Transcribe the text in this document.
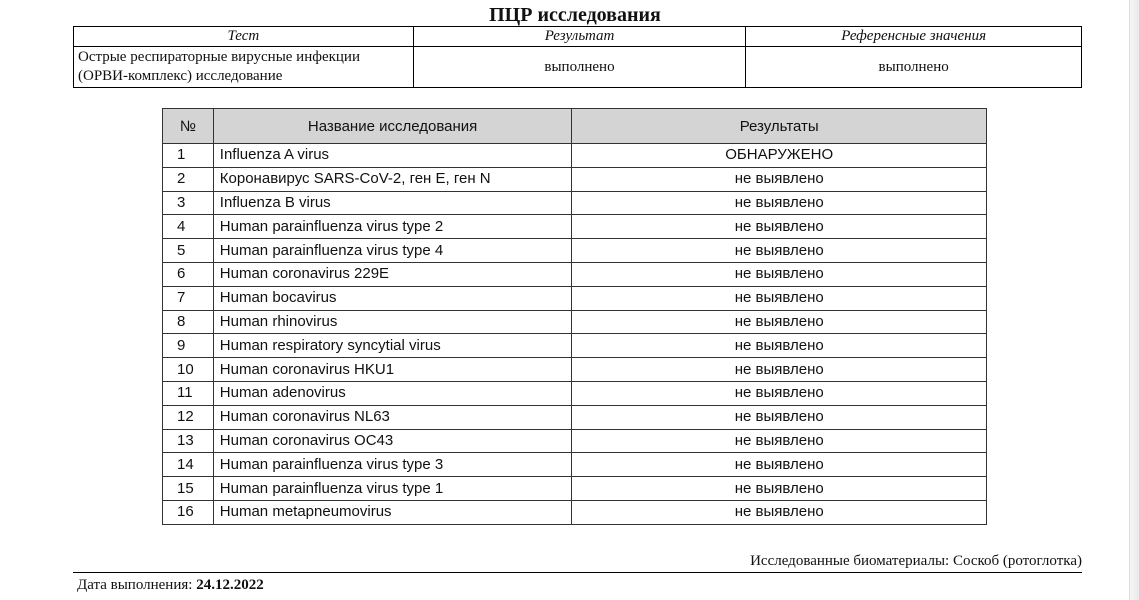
ПЦР исследования
Тест	Результат	Референсные значения
Острые респираторные вирусные инфекции (ОРВИ-комплекс) исследование	выполнено	выполнено
№	Название исследования	Результаты
1	Influenza A virus	ОБНАРУЖЕНО
2	Коронавирус SARS-CoV-2, ген E, ген N	не выявлено
3	Influenza B virus	не выявлено
4	Human parainfluenza virus type 2	не выявлено
5	Human parainfluenza virus type 4	не выявлено
6	Human coronavirus 229E	не выявлено
7	Human bocavirus	не выявлено
8	Human rhinovirus	не выявлено
9	Human respiratory syncytial virus	не выявлено
10	Human coronavirus HKU1	не выявлено
11	Human adenovirus	не выявлено
12	Human coronavirus NL63	не выявлено
13	Human coronavirus OC43	не выявлено
14	Human parainfluenza virus type 3	не выявлено
15	Human parainfluenza virus type 1	не выявлено
16	Human metapneumovirus	не выявлено
Исследованные биоматериалы: Соскоб (ротоглотка)
Дата выполнения: 24.12.2022
